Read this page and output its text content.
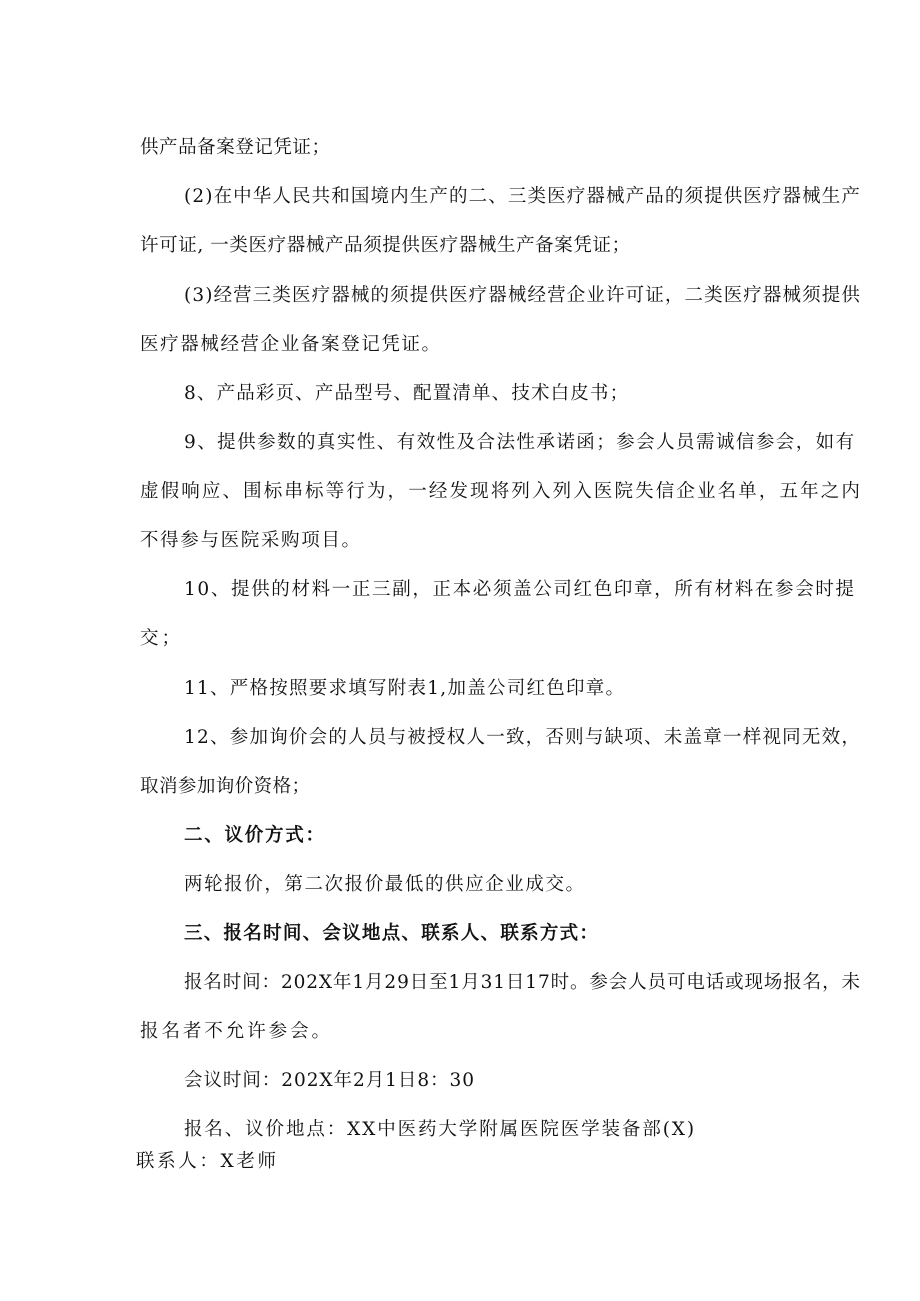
供产品备案登记凭证；
(2)在中华人民共和国境内生产的二、三类医疗器械产品的须提供医疗器械生产
许可证, 一类医疗器械产品须提供医疗器械生产备案凭证；
(3)经营三类医疗器械的须提供医疗器械经营企业许可证，二类医疗器械须提供
医疗器械经营企业备案登记凭证。
8、产品彩页、产品型号、配置清单、技术白皮书；
9、提供参数的真实性、有效性及合法性承诺函；参会人员需诚信参会，如有
虚假响应、围标串标等行为，一经发现将列入列入医院失信企业名单，五年之内
不得参与医院采购项目。
10、提供的材料一正三副，正本必须盖公司红色印章，所有材料在参会时提
交；
11、严格按照要求填写附表1,加盖公司红色印章。
12、参加询价会的人员与被授权人一致，否则与缺项、未盖章一样视同无效，
取消参加询价资格；
二、议价方式：
两轮报价，第二次报价最低的供应企业成交。
三、报名时间、会议地点、联系人、联系方式：
报名时间：202X年1月29日至1月31日17时。参会人员可电话或现场报名，未
报名者不允许参会。
会议时间：202X年2月1日8：30
报名、议价地点：XX中医药大学附属医院医学装备部(X)
联系人：X老师
